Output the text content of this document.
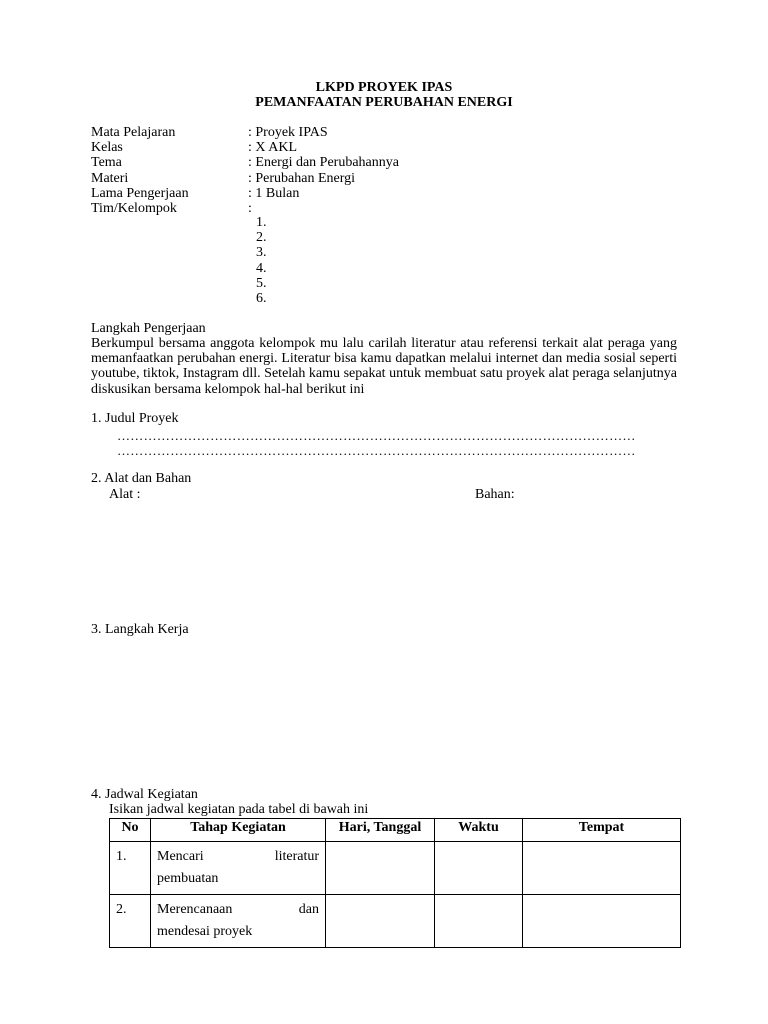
LKPD PROYEK IPAS
PEMANFAATAN PERUBAHAN ENERGI
Mata Pelajaran	: Proyek IPAS
Kelas	: X AKL
Tema	: Energi dan Perubahannya
Materi	: Perubahan Energi
Lama Pengerjaan	: 1 Bulan
Tim/Kelompok	:
1.
2.
3.
4.
5.
6.
Langkah Pengerjaan
Berkumpul bersama anggota kelompok mu lalu carilah literatur atau referensi terkait alat peraga yang memanfaatkan perubahan energi. Literatur bisa kamu dapatkan melalui internet dan media sosial seperti youtube, tiktok, Instagram dll. Setelah kamu sepakat untuk membuat satu proyek alat peraga selanjutnya diskusikan bersama kelompok hal-hal berikut ini
1. Judul Proyek
………………………………………………………………………………………………………
………………………………………………………………………………………………………
2. Alat dan Bahan
Alat :	Bahan:
3. Langkah Kerja
4. Jadwal Kegiatan
Isikan jadwal kegiatan pada tabel di bawah ini
No	Tahap Kegiatan	Hari, Tanggal	Waktu	Tempat
1.	Mencari literatur
pembuatan			

2.	Merencanaan dan
mendesai proyek			
